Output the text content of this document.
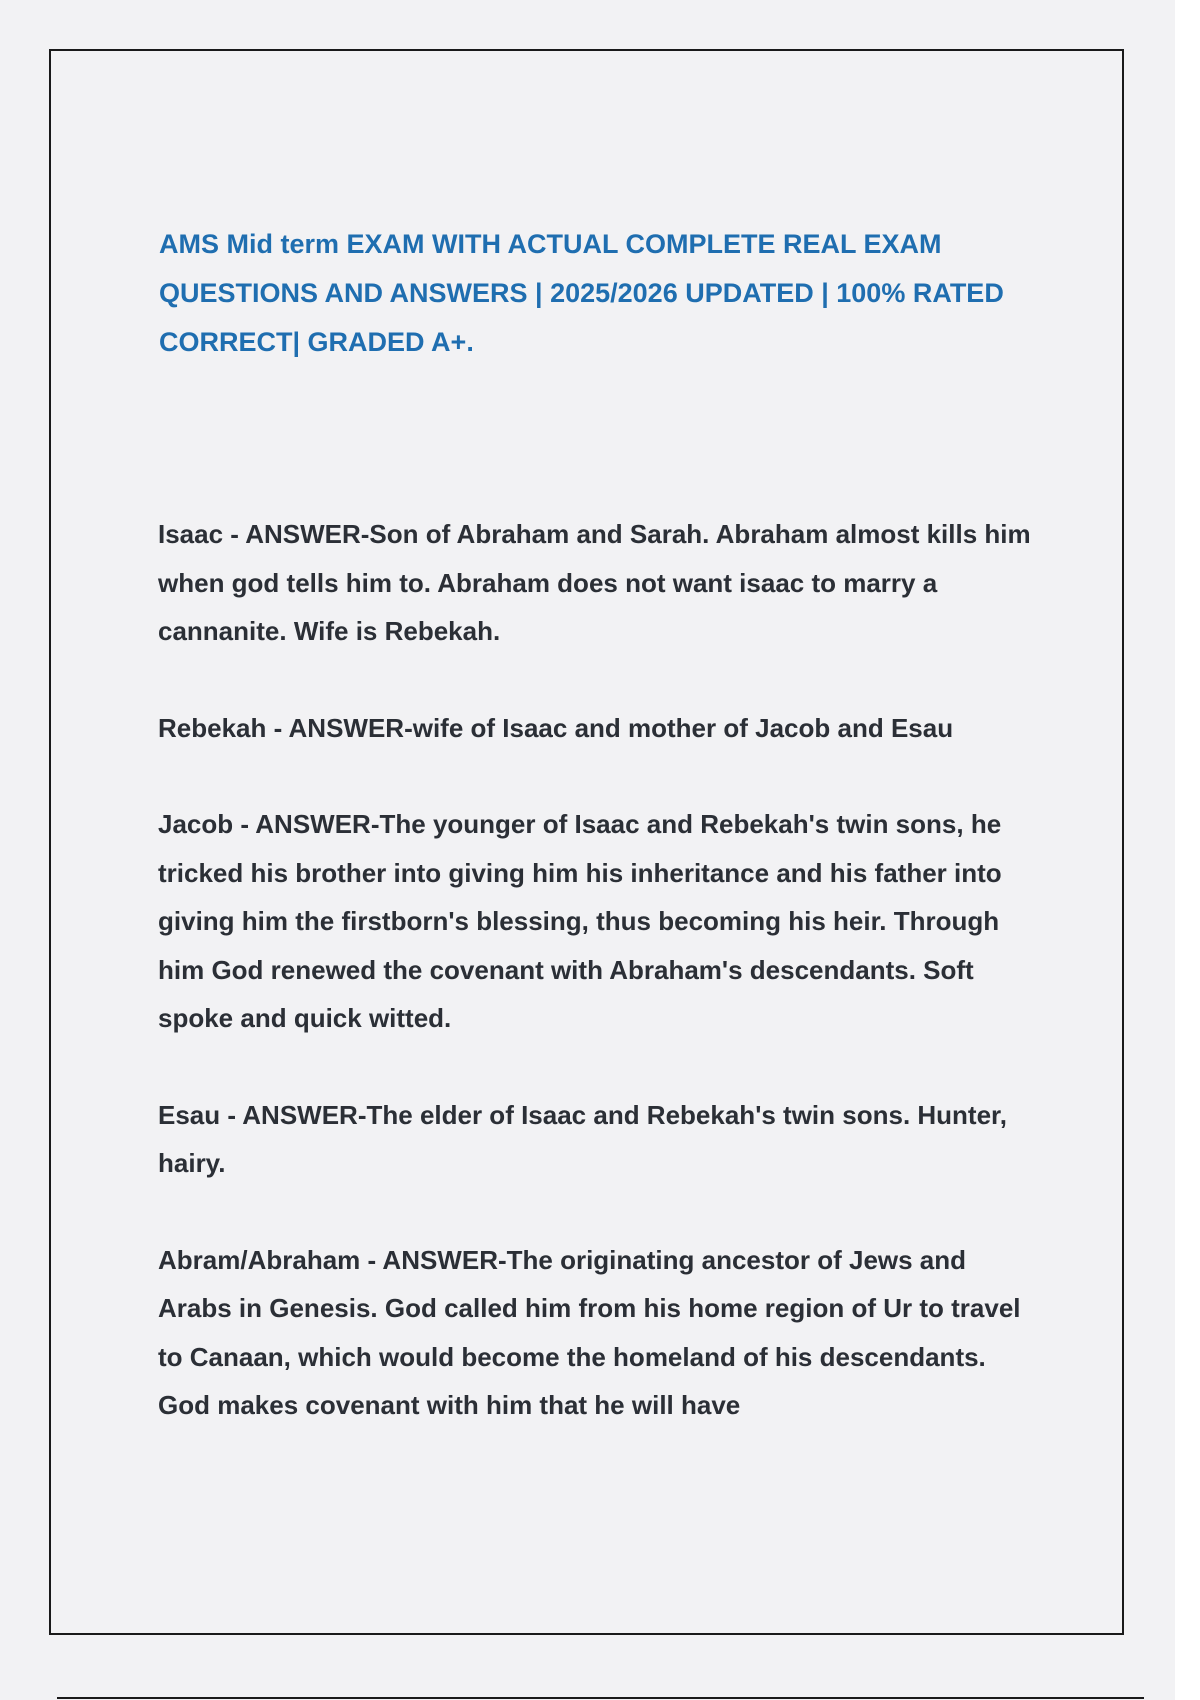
AMS Mid term EXAM WITH ACTUAL COMPLETE REAL EXAM QUESTIONS AND ANSWERS | 2025/2026 UPDATED | 100% RATED CORRECT| GRADED A+.

Isaac - ANSWER-Son of Abraham and Sarah. Abraham almost kills him when god tells him to. Abraham does not want isaac to marry a cannanite. Wife is Rebekah.

Rebekah - ANSWER-wife of Isaac and mother of Jacob and Esau

Jacob - ANSWER-The younger of Isaac and Rebekah's twin sons, he tricked his brother into giving him his inheritance and his father into giving him the firstborn's blessing, thus becoming his heir. Through him God renewed the covenant with Abraham's descendants. Soft spoke and quick witted.

Esau - ANSWER-The elder of Isaac and Rebekah's twin sons. Hunter, hairy.

Abram/Abraham - ANSWER-The originating ancestor of Jews and Arabs in Genesis. God called him from his home region of Ur to travel to Canaan, which would become the homeland of his descendants. God makes covenant with him that he will have
